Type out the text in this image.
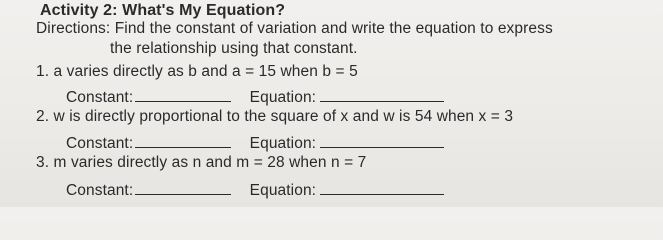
Activity 2: What's My Equation?
Directions: Find the constant of variation and write the equation to express
the relationship using that constant.
1. a varies directly as b and a = 15 when b = 5
Constant:	Equation:
2. w is directly proportional to the square of x and w is 54 when x = 3
Constant:	Equation:
3. m varies directly as n and m = 28 when n = 7
Constant:	Equation:
